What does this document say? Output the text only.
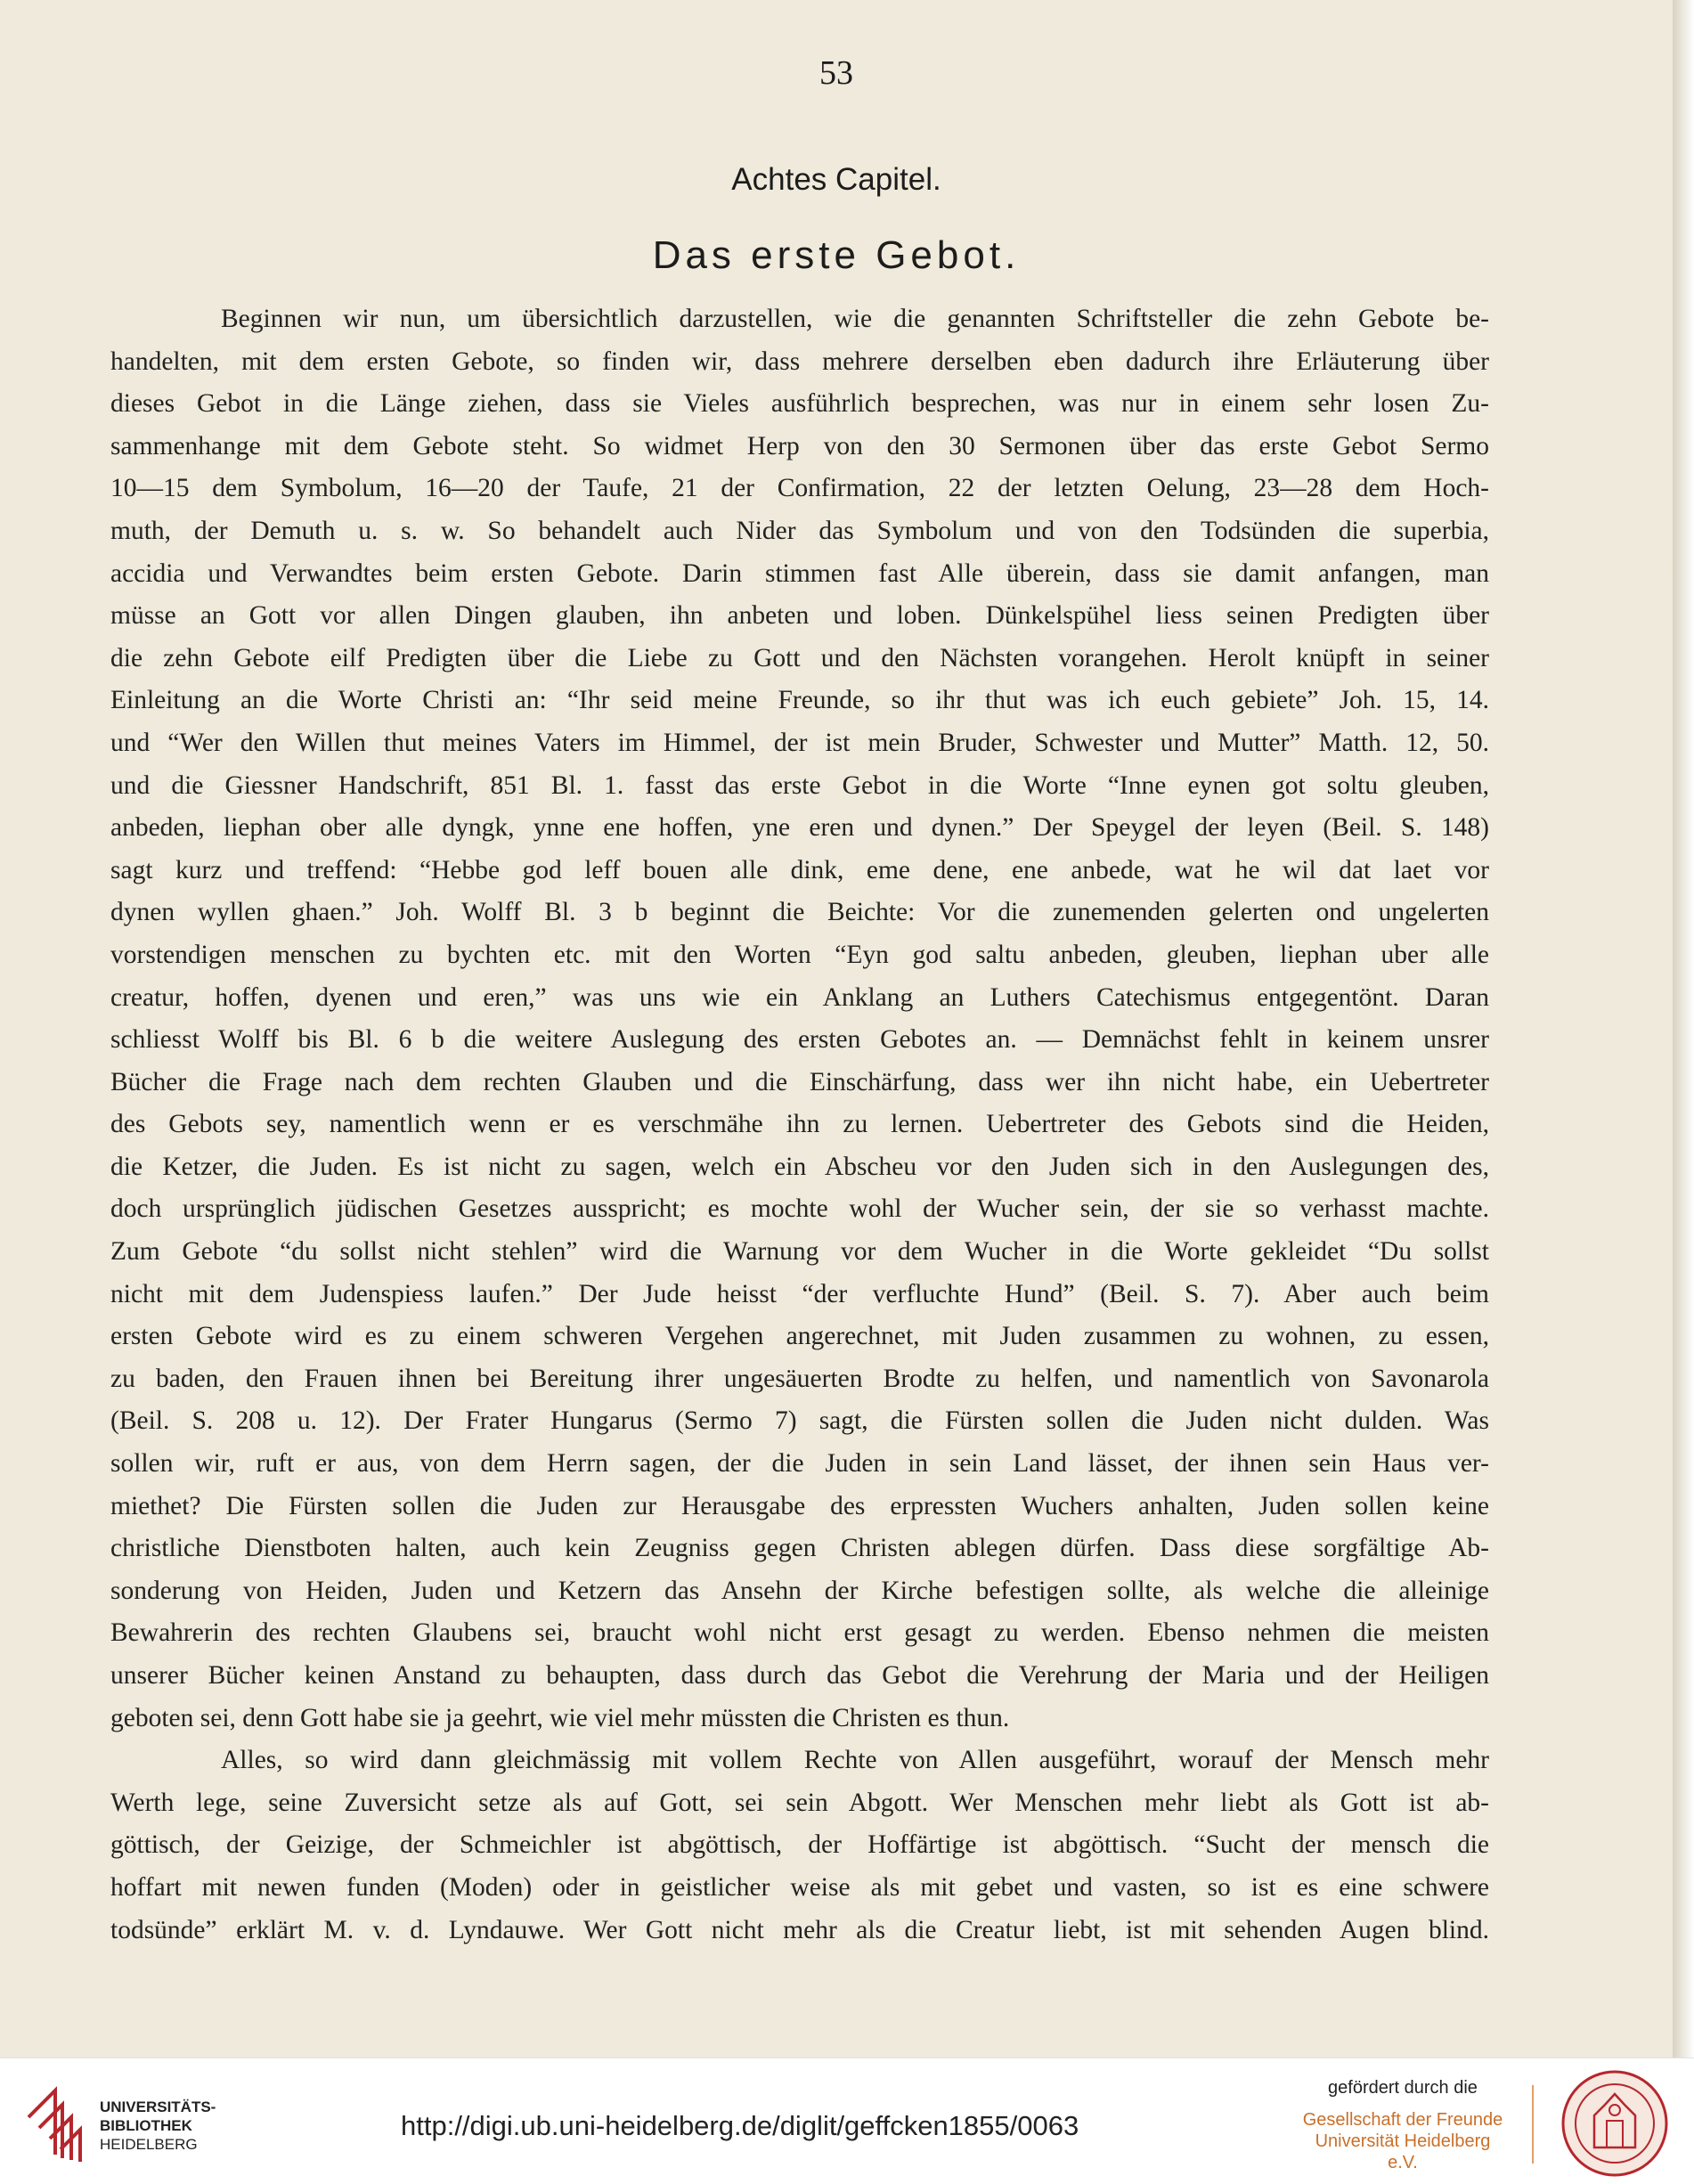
53
Achtes Capitel.
Das erste Gebot.
Beginnen wir nun, um übersichtlich darzustellen, wie die genannten Schriftsteller die zehn Gebote be-
handelten, mit dem ersten Gebote, so finden wir, dass mehrere derselben eben dadurch ihre Erläuterung über
dieses Gebot in die Länge ziehen, dass sie Vieles ausführlich besprechen, was nur in einem sehr losen Zu-
sammenhange mit dem Gebote steht. So widmet Herp von den 30 Sermonen über das erste Gebot Sermo
10—15 dem Symbolum, 16—20 der Taufe, 21 der Confirmation, 22 der letzten Oelung, 23—28 dem Hoch-
muth, der Demuth u. s. w. So behandelt auch Nider das Symbolum und von den Todsünden die superbia,
accidia und Verwandtes beim ersten Gebote. Darin stimmen fast Alle überein, dass sie damit anfangen, man
müsse an Gott vor allen Dingen glauben, ihn anbeten und loben. Dünkelspühel liess seinen Predigten über
die zehn Gebote eilf Predigten über die Liebe zu Gott und den Nächsten vorangehen. Herolt knüpft in seiner
Einleitung an die Worte Christi an: “Ihr seid meine Freunde, so ihr thut was ich euch gebiete” Joh. 15, 14.
und “Wer den Willen thut meines Vaters im Himmel, der ist mein Bruder, Schwester und Mutter” Matth. 12, 50.
und die Giessner Handschrift, 851 Bl. 1. fasst das erste Gebot in die Worte “Inne eynen got soltu gleuben,
anbeden, liephan ober alle dyngk, ynne ene hoffen, yne eren und dynen.” Der Speygel der leyen (Beil. S. 148)
sagt kurz und treffend: “Hebbe god leff bouen alle dink, eme dene, ene anbede, wat he wil dat laet vor
dynen wyllen ghaen.” Joh. Wolff Bl. 3 b beginnt die Beichte: Vor die zunemenden gelerten ond ungelerten
vorstendigen menschen zu bychten etc. mit den Worten “Eyn god saltu anbeden, gleuben, liephan uber alle
creatur, hoffen, dyenen und eren,” was uns wie ein Anklang an Luthers Catechismus entgegentönt. Daran
schliesst Wolff bis Bl. 6 b die weitere Auslegung des ersten Gebotes an. — Demnächst fehlt in keinem unsrer
Bücher die Frage nach dem rechten Glauben und die Einschärfung, dass wer ihn nicht habe, ein Uebertreter
des Gebots sey, namentlich wenn er es verschmähe ihn zu lernen. Uebertreter des Gebots sind die Heiden,
die Ketzer, die Juden. Es ist nicht zu sagen, welch ein Abscheu vor den Juden sich in den Auslegungen des,
doch ursprünglich jüdischen Gesetzes ausspricht; es mochte wohl der Wucher sein, der sie so verhasst machte.
Zum Gebote “du sollst nicht stehlen” wird die Warnung vor dem Wucher in die Worte gekleidet “Du sollst
nicht mit dem Judenspiess laufen.” Der Jude heisst “der verfluchte Hund” (Beil. S. 7). Aber auch beim
ersten Gebote wird es zu einem schweren Vergehen angerechnet, mit Juden zusammen zu wohnen, zu essen,
zu baden, den Frauen ihnen bei Bereitung ihrer ungesäuerten Brodte zu helfen, und namentlich von Savonarola
(Beil. S. 208 u. 12). Der Frater Hungarus (Sermo 7) sagt, die Fürsten sollen die Juden nicht dulden. Was
sollen wir, ruft er aus, von dem Herrn sagen, der die Juden in sein Land lässet, der ihnen sein Haus ver-
miethet? Die Fürsten sollen die Juden zur Herausgabe des erpressten Wuchers anhalten, Juden sollen keine
christliche Dienstboten halten, auch kein Zeugniss gegen Christen ablegen dürfen. Dass diese sorgfältige Ab-
sonderung von Heiden, Juden und Ketzern das Ansehn der Kirche befestigen sollte, als welche die alleinige
Bewahrerin des rechten Glaubens sei, braucht wohl nicht erst gesagt zu werden. Ebenso nehmen die meisten
unserer Bücher keinen Anstand zu behaupten, dass durch das Gebot die Verehrung der Maria und der Heiligen
geboten sei, denn Gott habe sie ja geehrt, wie viel mehr müssten die Christen es thun.
Alles, so wird dann gleichmässig mit vollem Rechte von Allen ausgeführt, worauf der Mensch mehr
Werth lege, seine Zuversicht setze als auf Gott, sei sein Abgott. Wer Menschen mehr liebt als Gott ist ab-
göttisch, der Geizige, der Schmeichler ist abgöttisch, der Hoffärtige ist abgöttisch. “Sucht der mensch die
hoffart mit newen funden (Moden) oder in geistlicher weise als mit gebet und vasten, so ist es eine schwere
todsünde” erklärt M. v. d. Lyndauwe. Wer Gott nicht mehr als die Creatur liebt, ist mit sehenden Augen blind.
UNIVERSITÄTS-
BIBLIOTHEK
HEIDELBERG
http://digi.ub.uni-heidelberg.de/diglit/geffcken1855/0063
gefördert durch die
Gesellschaft der Freunde
Universität Heidelberg e.V.
